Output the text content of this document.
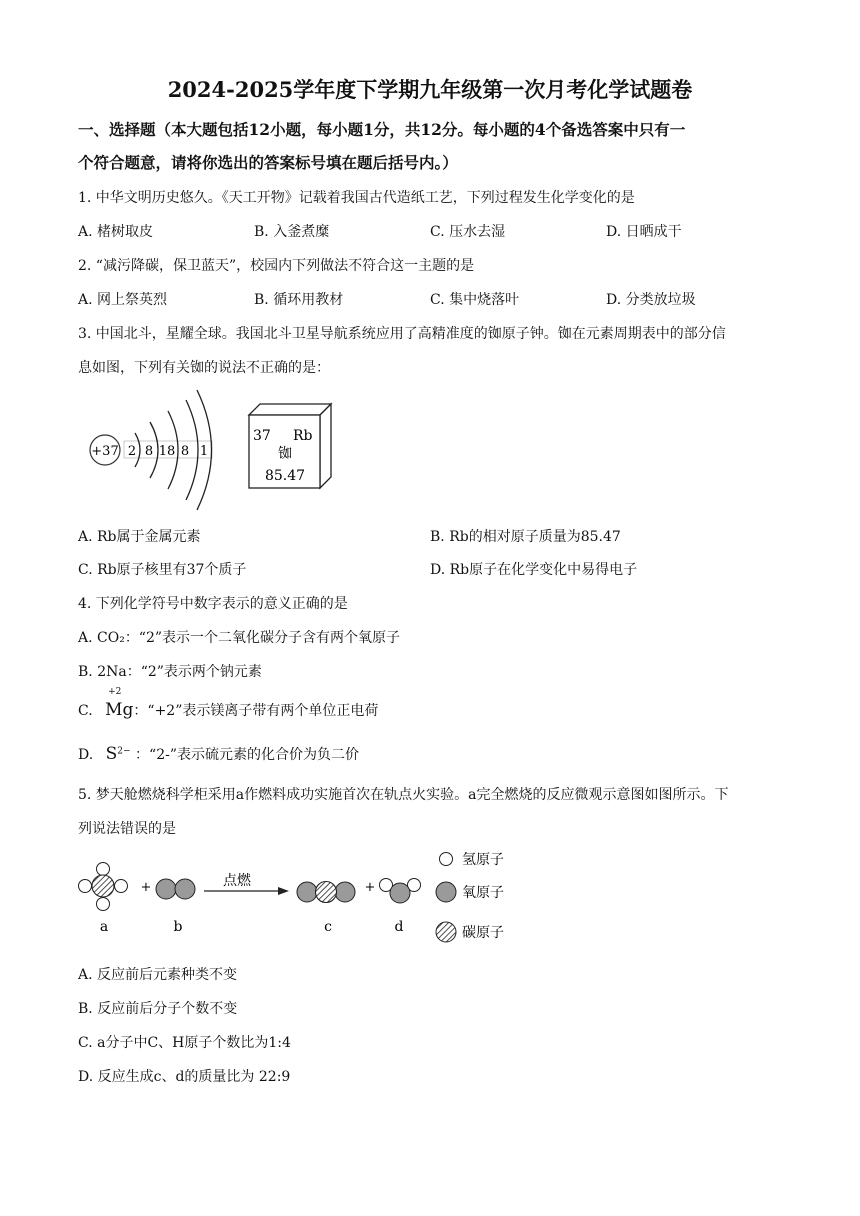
2024-2025学年度下学期九年级第一次月考化学试题卷
一、选择题（本大题包括12小题，每小题1分，共12分。每小题的4个备选答案中只有一
个符合题意，请将你选出的答案标号填在题后括号内。）
1. 中华文明历史悠久。《天工开物》记载着我国古代造纸工艺，下列过程发生化学变化的是
A. 楮树取皮	B. 入釜煮糜	C. 压水去湿	D. 日晒成干
2. “减污降碳，保卫蓝天”，校园内下列做法不符合这一主题的是
A. 网上祭英烈	B. 循环用教材	C. 集中烧落叶	D. 分类放垃圾
3. 中国北斗，星耀全球。我国北斗卫星导航系统应用了高精准度的铷原子钟。铷在元素周期表中的部分信
息如图，下列有关铷的说法不正确的是：
+37 2 8 18 8 1
37 Rb
铷
85.47
A. Rb属于金属元素	B. Rb的相对原子质量为85.47
C. Rb原子核里有37个质子	D. Rb原子在化学变化中易得电子
4. 下列化学符号中数字表示的意义正确的是
A. CO₂：“2”表示一个二氧化碳分子含有两个氧原子
B. 2Na：“2”表示两个钠元素
C.
+2
Mg：“+2”表示镁离子带有两个单位正电荷
D. $S^{2-}$ ：“2-”表示硫元素的化合价为负二价
5. 梦天舱燃烧科学柜采用a作燃料成功实施首次在轨点火实验。a完全燃烧的反应微观示意图如图所示。下
列说法错误的是
+	点燃	+
a	b	c	d
氢原子
氧原子
碳原子
A. 反应前后元素种类不变
B. 反应前后分子个数不变
C. a分子中C、H原子个数比为1:4
D. 反应生成c、d的质量比为 22:9
